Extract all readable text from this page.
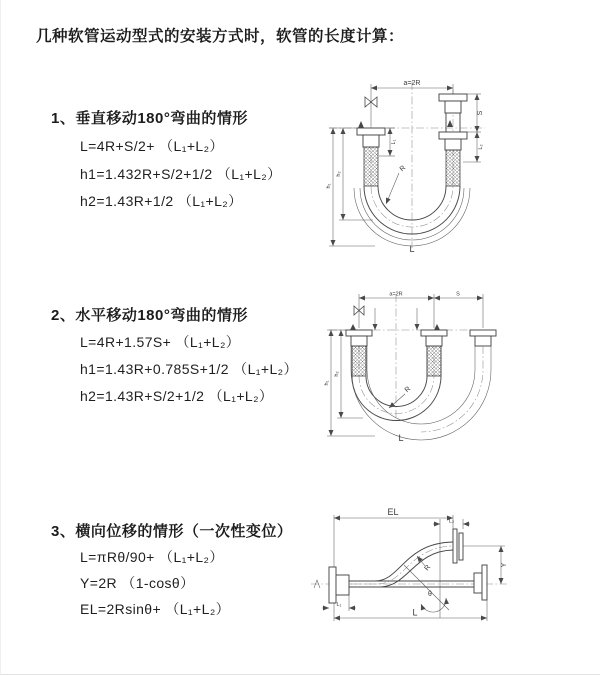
几种软管运动型式的安装方式时，软管的长度计算：
1、垂直移动180°弯曲的情形
L=4R+S/2+ （L₁+L₂）
h1=1.432R+S/2+1/2 （L₁+L₂）
h2=1.43R+1/2 （L₁+L₂）
2、水平移动180°弯曲的情形
L=4R+1.57S+ （L₁+L₂）
h1=1.43R+0.785S+1/2 （L₁+L₂）
h2=1.43R+S/2+1/2 （L₁+L₂）
3、横向位移的情形（一次性变位）
L=πRθ/90+ （L₁+L₂）
Y=2R （1-cosθ）
EL=2Rsinθ+ （L₁+L₂）
a=2R
S
L₂
L₁
h₁
h₂
R
L
a=2R	S
h₁
h₂
R
L
EL
L₂
Y
L
L₁
θ
R
